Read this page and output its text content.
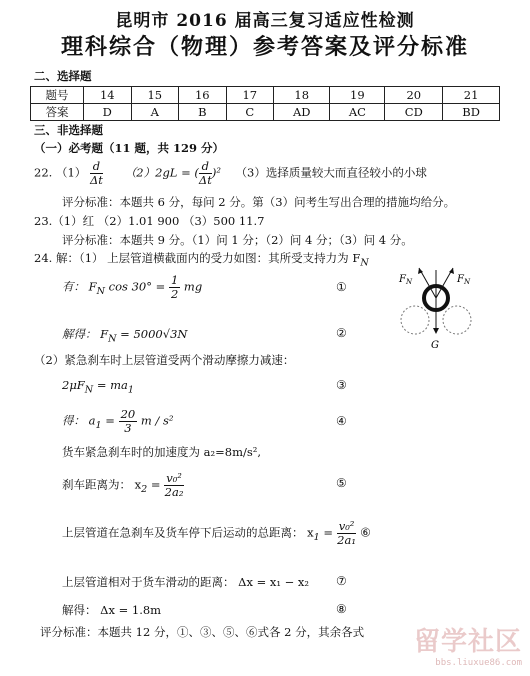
昆明市 2016 届高三复习适应性检测
理科综合（物理）参考答案及评分标准
二、选择题
题号	14	15	16	17	18	19	20	21
答案	D	A	B	C	AD	AC	CD	BD
三、非选择题
（一）必考题（11 题，共 129 分）
22. $(1) \frac{d}{\Delta t} (2)2gL$ = ( $\frac{d}{\Delta t} )^2$ （3）选择质量较大而直径较小的小球
评分标准：本题共 6 分，每问 2 分。第（3）问考生写出合理的措施均给分。
23.（1）红 （2）1.01 900 （3）500 11.7
评分标准：本题共 9 分。（1）问 1 分；（2）问 4 分；（3）问 4 分。
24. 解：（1） 上层管道横截面内的受力如图：其所受支持力为 $F_N$
有： $F_N$ $\cos 30^\circ = \frac{1}{2}$ mg	①
解得： $F_N = 5000√3N$	②
$F_N$	$F_N$
G
（2）紧急刹车时上层管道受两个滑动摩擦力减速：
$2\mu F_N = ma_1$	③
得： $a_1 = \frac{20}{3}$ m / s²	④
货车紧急刹车时的加速度为 a₂=8m/s²,
刹车距离为： $x_2 = \frac{\text{v₀²}}{\text{2a₂}}$	⑤
上层管道在急刹车及货车停下后运动的总距离： $x_1 = \frac{\text{v₀²}}{\text{2a₁}}$ ⑥
上层管道相对于货车滑动的距离： Δx = x₁ − x₂ ⑦
解得： Δx = 1.8m	⑧
评分标准：本题共 12 分，①、③、⑤、⑥式各 2 分，其余各式 留学社区
bbs.liuxue86.com
